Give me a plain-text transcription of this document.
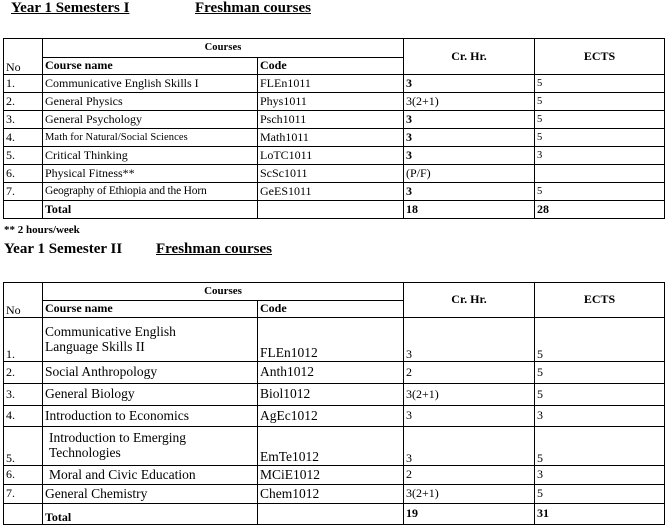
Year 1 Semesters I	Freshman courses
No	Courses		Cr. Hr.	ECTS
	Course name	Code		
1.	Communicative English Skills I	FLEn1011	3	5
2.	General Physics	Phys1011	3(2+1)	5
3.	General Psychology	Psch1011	3	5
4.	Math for Natural/Social Sciences	Math1011	3	5
5.	Critical Thinking	LoTC1011	3	3
6.	Physical Fitness**	ScSc1011	(P/F)	
7.	Geography of Ethiopia and the Horn	GeES1011	3	5
	Total		18	28
** 2 hours/week
Year 1 Semester II Freshman courses
No	Courses		Cr. Hr.	ECTS
	Course name	Code		
1.	Communicative English
Language Skills II	FLEn1012	3	5
2.	Social Anthropology	Anth1012	2	5
3.	General Biology	Biol1012	3(2+1)	5
4.	Introduction to Economics	AgEc1012	3	3
5.	Introduction to Emerging
Technologies	EmTe1012	3	5
6.	Moral and Civic Education	MCiE1012	2	3
7.	General Chemistry	Chem1012	3(2+1)	5
	Total		19	31
